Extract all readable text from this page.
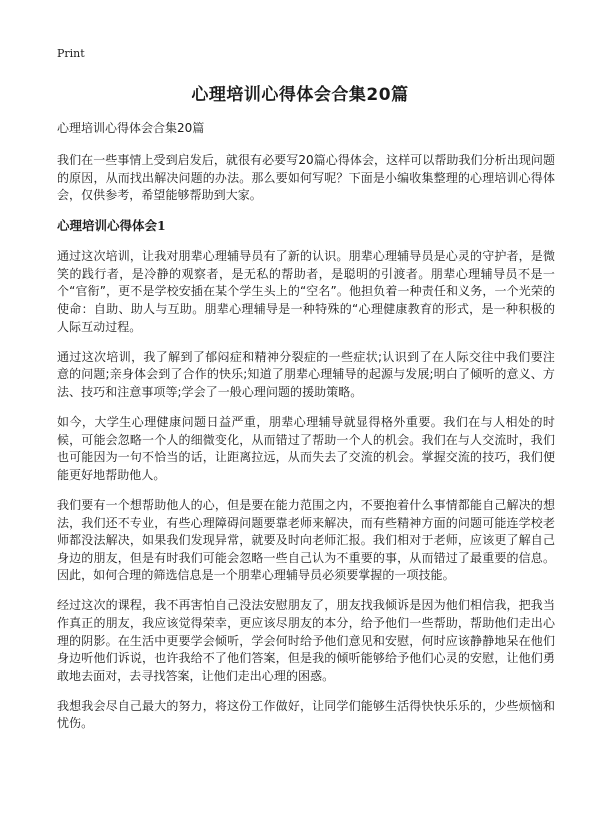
Print
心理培训心得体会合集20篇
心理培训心得体会合集20篇

我们在一些事情上受到启发后，就很有必要写20篇心得体会，这样可以帮助我们分析出现问题的原因，从而找出解决问题的办法。那么要如何写呢？下面是小编收集整理的心理培训心得体会，仅供参考，希望能够帮助到大家。

心理培训心得体会1

通过这次培训，让我对朋辈心理辅导员有了新的认识。朋辈心理辅导员是心灵的守护者，是微笑的践行者，是冷静的观察者，是无私的帮助者，是聪明的引渡者。朋辈心理辅导员不是一个“官衔”，更不是学校安插在某个学生头上的“空名”。他担负着一种责任和义务，一个光荣的使命：自助、助人与互助。朋辈心理辅导是一种特殊的“心理健康教育的形式，是一种积极的人际互动过程。

通过这次培训，我了解到了郁闷症和精神分裂症的一些症状;认识到了在人际交往中我们要注意的问题;亲身体会到了合作的快乐;知道了朋辈心理辅导的起源与发展;明白了倾听的意义、方法、技巧和注意事项等;学会了一般心理问题的援助策略。

如今，大学生心理健康问题日益严重，朋辈心理辅导就显得格外重要。我们在与人相处的时候，可能会忽略一个人的细微变化，从而错过了帮助一个人的机会。我们在与人交流时，我们也可能因为一句不恰当的话，让距离拉远，从而失去了交流的机会。掌握交流的技巧，我们便能更好地帮助他人。

我们要有一个想帮助他人的心，但是要在能力范围之内，不要抱着什么事情都能自己解决的想法，我们还不专业，有些心理障碍问题要靠老师来解决，而有些精神方面的问题可能连学校老师都没法解决，如果我们发现异常，就要及时向老师汇报。我们相对于老师，应该更了解自己身边的朋友，但是有时我们可能会忽略一些自己认为不重要的事，从而错过了最重要的信息。因此，如何合理的筛选信息是一个朋辈心理辅导员必须要掌握的一项技能。

经过这次的课程，我不再害怕自己没法安慰朋友了，朋友找我倾诉是因为他们相信我，把我当作真正的朋友，我应该觉得荣幸，更应该尽朋友的本分，给予他们一些帮助，帮助他们走出心理的阴影。在生活中更要学会倾听，学会何时给予他们意见和安慰，何时应该静静地呆在他们身边听他们诉说，也许我给不了他们答案，但是我的倾听能够给予他们心灵的安慰，让他们勇敢地去面对，去寻找答案，让他们走出心理的困惑。

我想我会尽自己最大的努力，将这份工作做好，让同学们能够生活得快快乐乐的，少些烦恼和忧伤。
